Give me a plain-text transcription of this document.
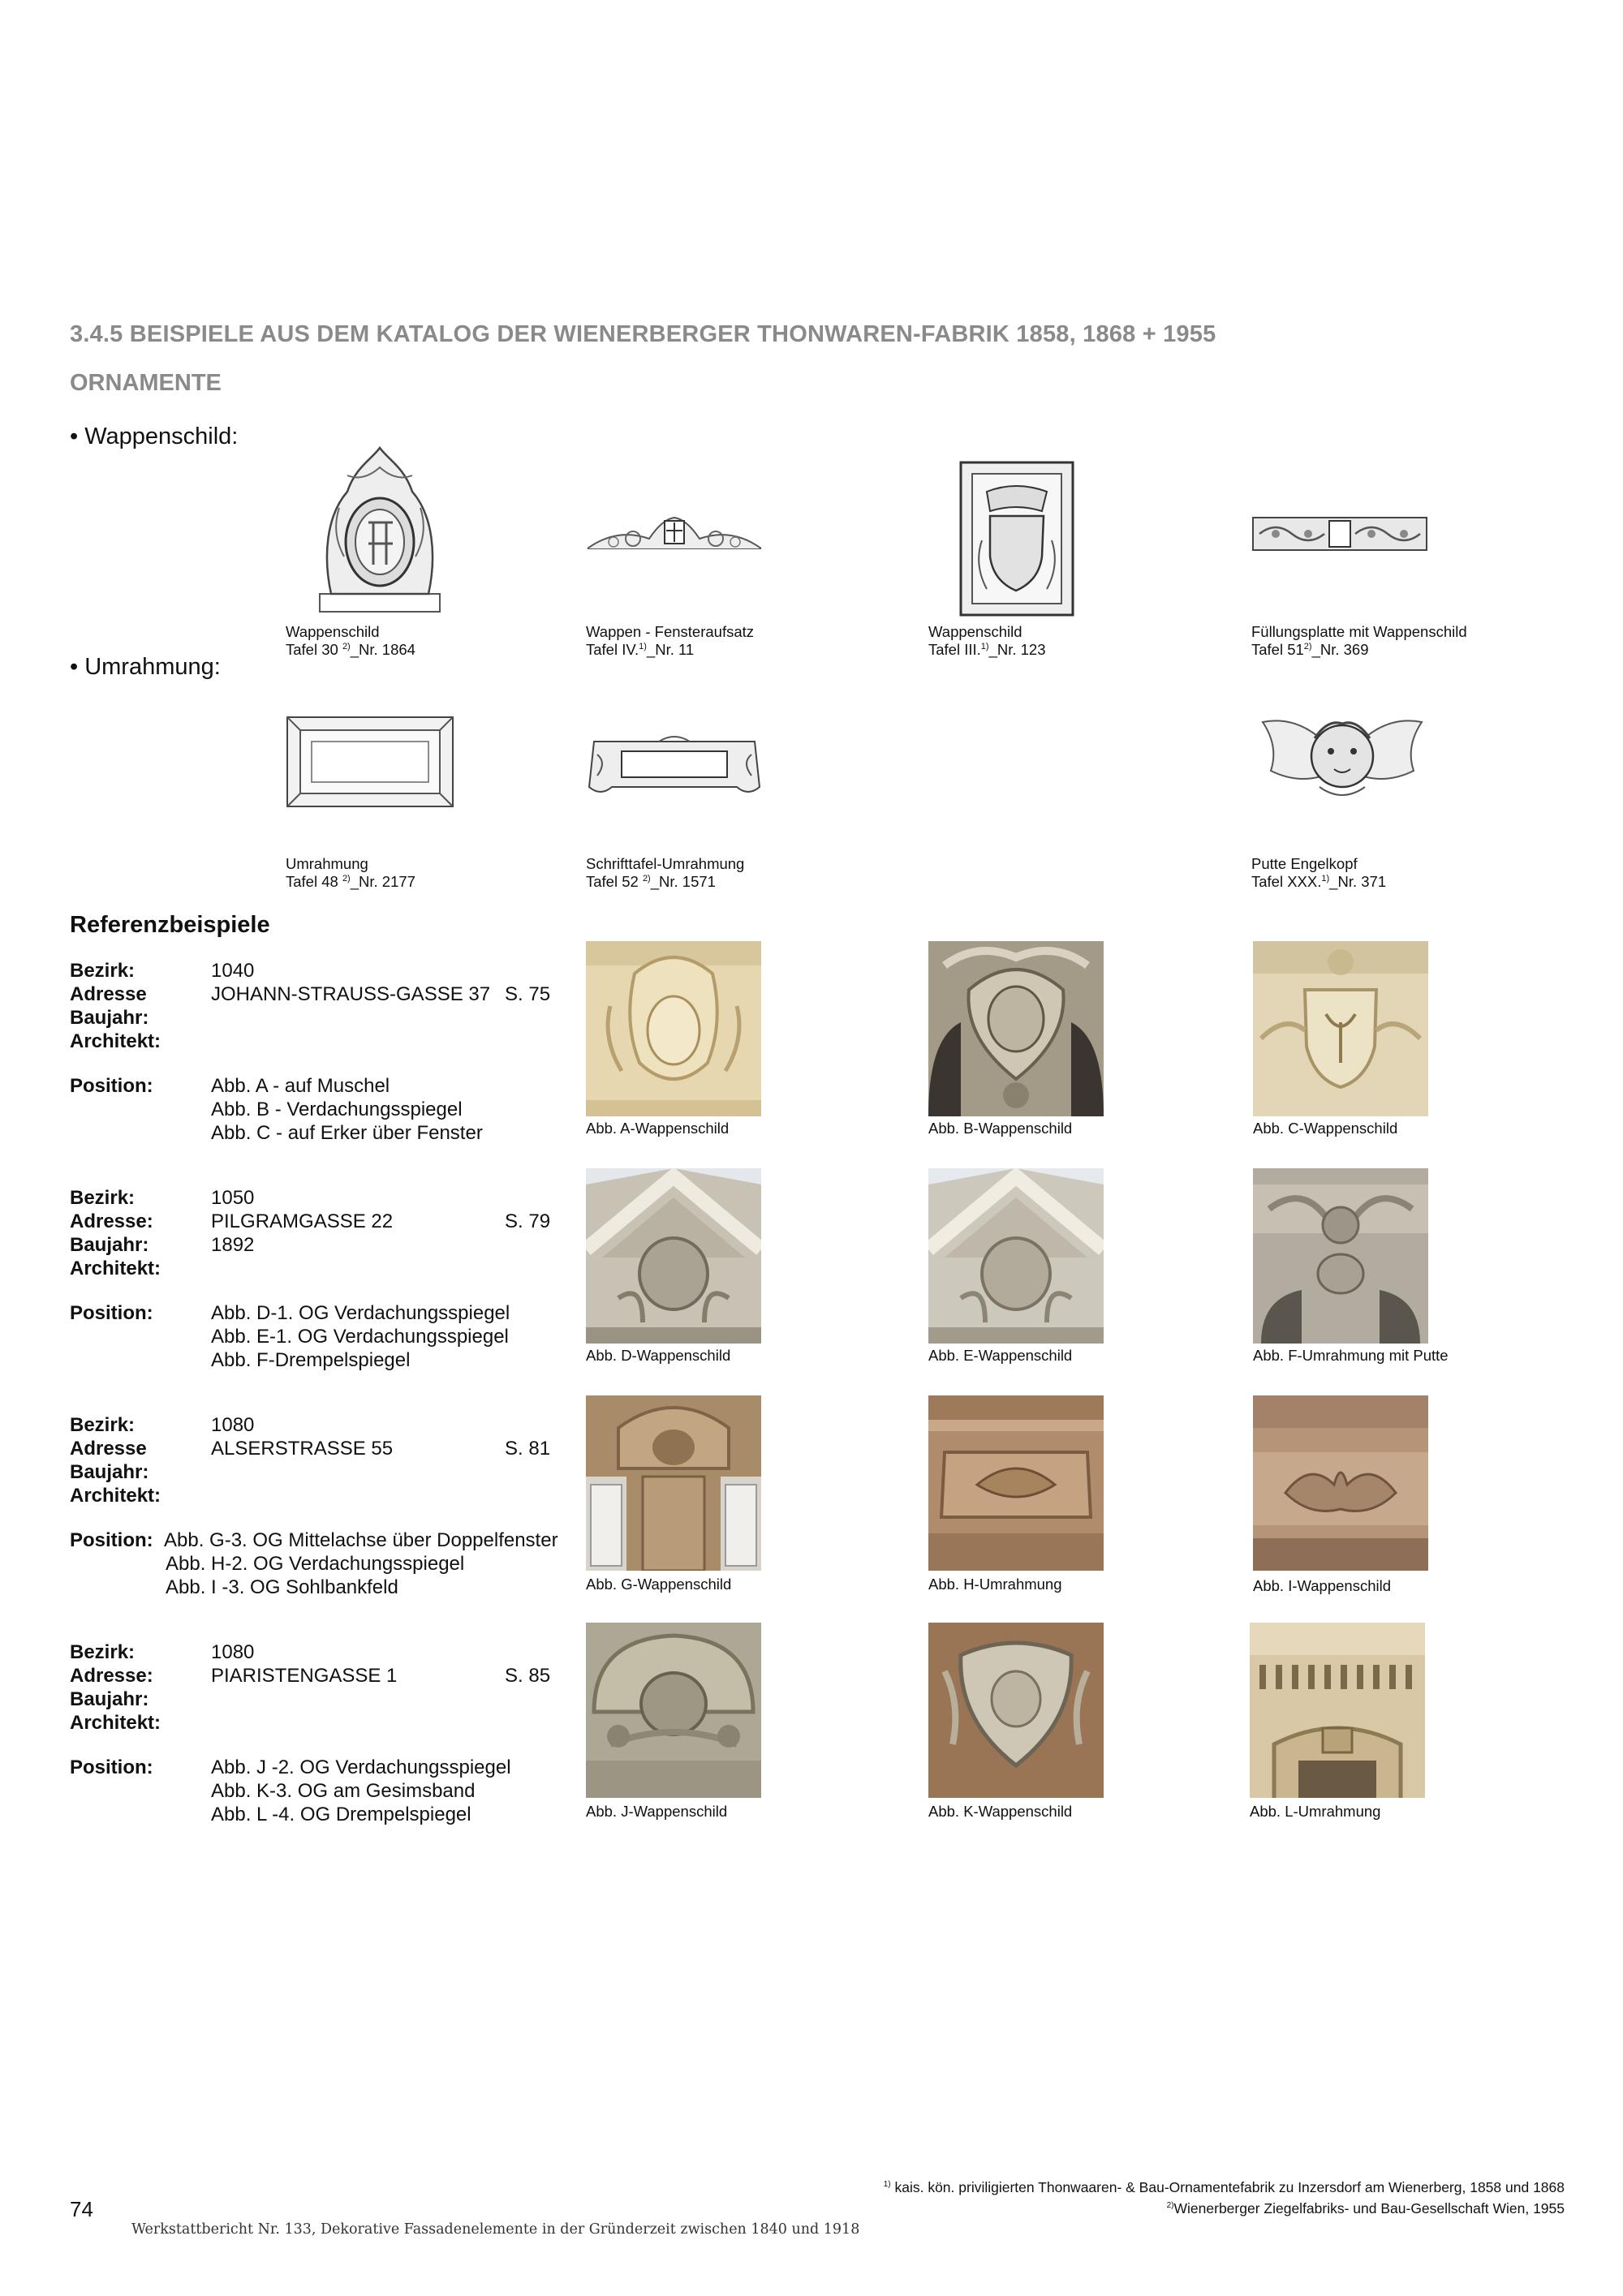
3.4.5 BEISPIELE AUS DEM KATALOG DER WIENERBERGER THONWAREN-FABRIK 1858, 1868 + 1955
ORNAMENTE
• Wappenschild:
• Umrahmung:
Wappenschild
Tafel 30 $^{2)}$_Nr. 1864
Wappen - Fensteraufsatz
Tafel IV.$^{1)}$_Nr. 11
Wappenschild
Tafel III.$^{1)}$_Nr. 123
Füllungsplatte mit Wappenschild
Tafel 51$^{2)}$_Nr. 369
Umrahmung
Tafel 48 $^{2)}$_Nr. 2177
Schrifttafel-Umrahmung
Tafel 52 $^{2)}$_Nr. 1571
Putte Engelkopf
Tafel XXX.$^{1)}$_Nr. 371
Referenzbeispiele
Bezirk:	1040
Adresse	JOHANN-STRAUSS-GASSE 37 S. 75
Baujahr:
Architekt:
Position:	Abb. A - auf Muschel
Abb. B - Verdachungsspiegel
Abb. C - auf Erker über Fenster
Bezirk:	1050
Adresse:	PILGRAMGASSE 22	S. 79
Baujahr:	1892
Architekt:
Position:	Abb. D-1. OG Verdachungsspiegel
Abb. E-1. OG Verdachungsspiegel
Abb. F-Drempelspiegel
Bezirk:	1080
Adresse	ALSERSTRASSE 55	S. 81
Baujahr:
Architekt:
Position: Abb. G-3. OG Mittelachse über Doppelfenster
Abb. H-2. OG Verdachungsspiegel
Abb. I -3. OG Sohlbankfeld
Bezirk:	1080
Adresse:	PIARISTENGASSE 1	S. 85
Baujahr:
Architekt:
Position:	Abb. J -2. OG Verdachungsspiegel
Abb. K-3. OG am Gesimsband
Abb. L -4. OG Drempelspiegel
Abb. A-Wappenschild	Abb. B-Wappenschild	Abb. C-Wappenschild
Abb. D-Wappenschild	Abb. E-Wappenschild	Abb. F-Umrahmung mit Putte
Abb. G-Wappenschild	Abb. H-Umrahmung	Abb. I-Wappenschild
Abb. J-Wappenschild	Abb. K-Wappenschild	Abb. L-Umrahmung
$^{1)}$ kais. kön. priviligierten Thonwaaren- & Bau-Ornamentefabrik zu Inzersdorf am Wienerberg, 1858 und 1868
$^{2)}$Wienerberger Ziegelfabriks- und Bau-Gesellschaft Wien, 1955
74
Werkstattbericht Nr. 133, Dekorative Fassadenelemente in der Gründerzeit zwischen 1840 und 1918
